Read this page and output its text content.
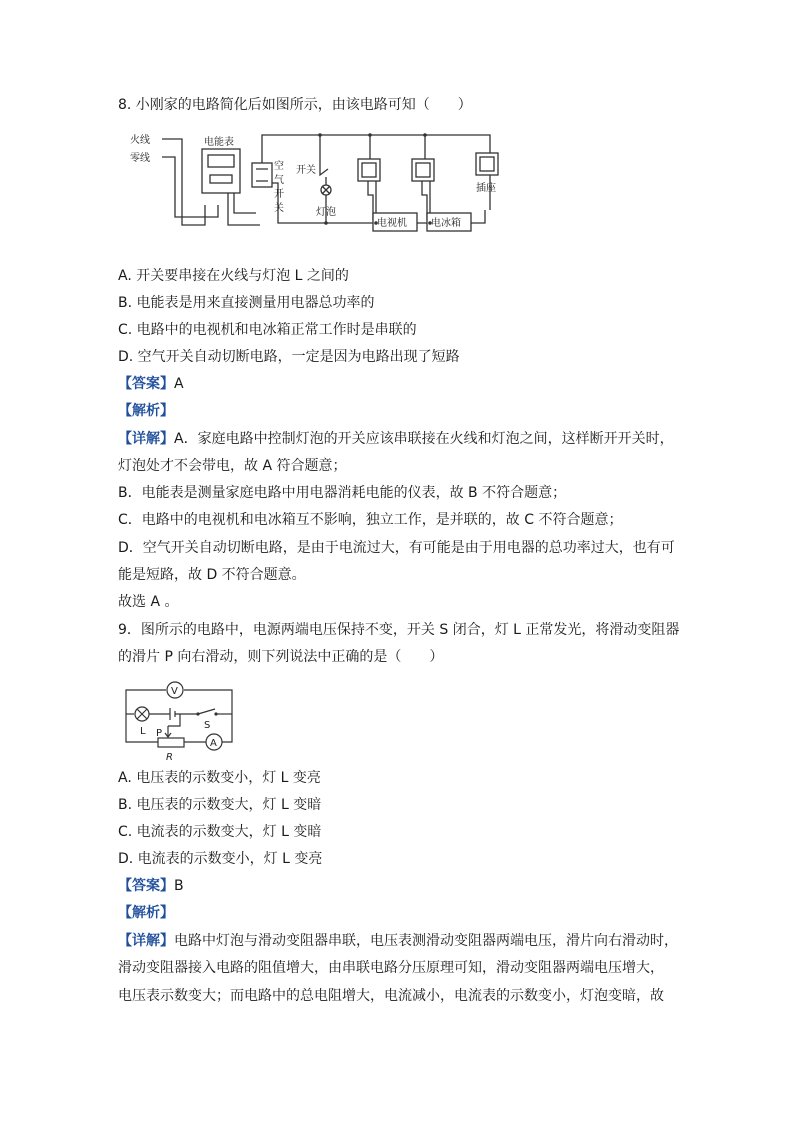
8. 小刚家的电路简化后如图所示，由该电路可知（　　）
火线
零线
电能表
空
气
开
关
开关
灯泡
电视机 电冰箱
插座
A. 开关要串接在火线与灯泡 L 之间的
B. 电能表是用来直接测量用电器总功率的
C. 电路中的电视机和电冰箱正常工作时是串联的
D. 空气开关自动切断电路，一定是因为电路出现了短路
【答案】A
【解析】
【详解】A．家庭电路中控制灯泡的开关应该串联接在火线和灯泡之间，这样断开开关时，
灯泡处才不会带电，故 A 符合题意；
B．电能表是测量家庭电路中用电器消耗电能的仪表，故 B 不符合题意；
C．电路中的电视机和电冰箱互不影响，独立工作，是并联的，故 C 不符合题意；
D．空气开关自动切断电路，是由于电流过大，有可能是由于用电器的总功率过大，也有可
能是短路，故 D 不符合题意。
故选 A 。
9．图所示的电路中，电源两端电压保持不变，开关 S 闭合，灯 L 正常发光，将滑动变阻器
的滑片 P 向右滑动，则下列说法中正确的是（　　）
V
A
L P
S
R
A. 电压表的示数变小，灯 L 变亮
B. 电压表的示数变大，灯 L 变暗
C. 电流表的示数变大，灯 L 变暗
D. 电流表的示数变小，灯 L 变亮
【答案】B
【解析】
【详解】电路中灯泡与滑动变阻器串联，电压表测滑动变阻器两端电压，滑片向右滑动时，
滑动变阻器接入电路的阻值增大，由串联电路分压原理可知，滑动变阻器两端电压增大，
电压表示数变大；而电路中的总电阻增大，电流减小，电流表的示数变小，灯泡变暗，故
